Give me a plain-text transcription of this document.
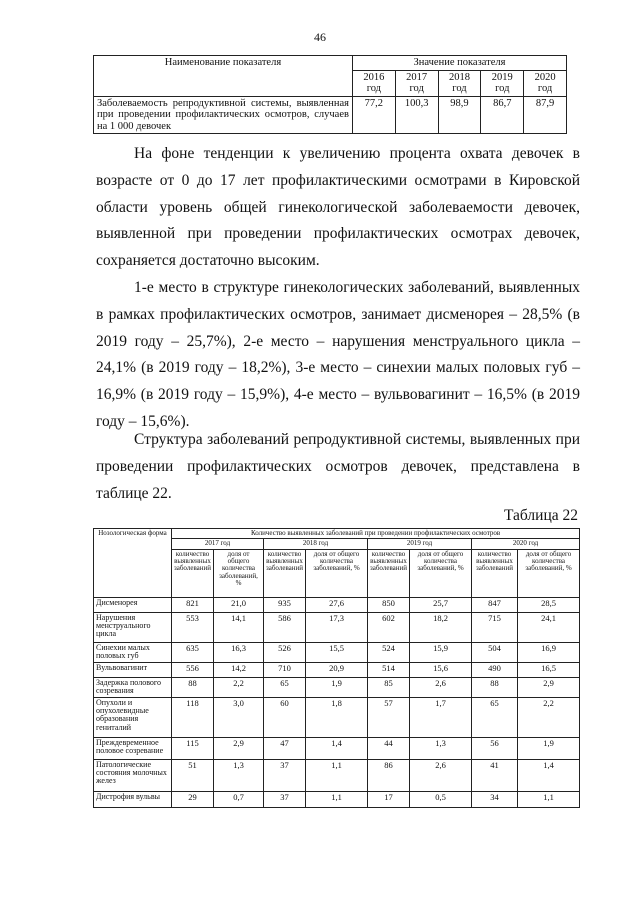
46
Наименование показателя	Значение показателя				
	2016 год	2017 год	2018 год	2019 год	2020 год
Заболеваемость репродуктивной системы, выявленная при проведении профилактических осмотров, случаев на 1 000 девочек	77,2	100,3	98,9	86,7	87,9

На фоне тенденции к увеличению процента охвата девочек в возрасте от 0 до 17 лет профилактическими осмотрами в Кировской области уровень общей гинекологической заболеваемости девочек, выявленной при проведении профилактических осмотрах девочек, сохраняется достаточно высоким.

1-е место в структуре гинекологических заболеваний, выявленных в рамках профилактических осмотров, занимает дисменорея – 28,5% (в 2019 году – 25,7%), 2-е место – нарушения менструального цикла – 24,1% (в 2019 году – 18,2%), 3-е место – синехии малых половых губ – 16,9% (в 2019 году – 15,9%), 4-е место – вульвовагинит – 16,5% (в 2019 году – 15,6%).

Структура заболеваний репродуктивной системы, выявленных при проведении профилактических осмотров девочек, представлена в таблице 22.

Таблица 22
Нозологическая форма	Количество выявленных заболеваний при проведении профилактических осмотров							
	2017 год		2018 год		2019 год		2020 год	
	количество выявленных заболеваний	доля от общего количества заболеваний, %	количество выявленных заболеваний	доля от общего количества заболеваний, %	количество выявленных заболеваний	доля от общего количества заболеваний, %	количество выявленных заболеваний	доля от общего количества заболеваний, %
Дисменорея	821	21,0	935	27,6	850	25,7	847	28,5
Нарушения менструального цикла	553	14,1	586	17,3	602	18,2	715	24,1
Синехии малых половых губ	635	16,3	526	15,5	524	15,9	504	16,9
Вульвовагинит	556	14,2	710	20,9	514	15,6	490	16,5
Задержка полового созревания	88	2,2	65	1,9	85	2,6	88	2,9
Опухоли и опухолевидные образования гениталий	118	3,0	60	1,8	57	1,7	65	2,2
Преждевременное половое созревание	115	2,9	47	1,4	44	1,3	56	1,9
Патологические состояния молочных желез	51	1,3	37	1,1	86	2,6	41	1,4
Дистрофия вульвы	29	0,7	37	1,1	17	0,5	34	1,1
